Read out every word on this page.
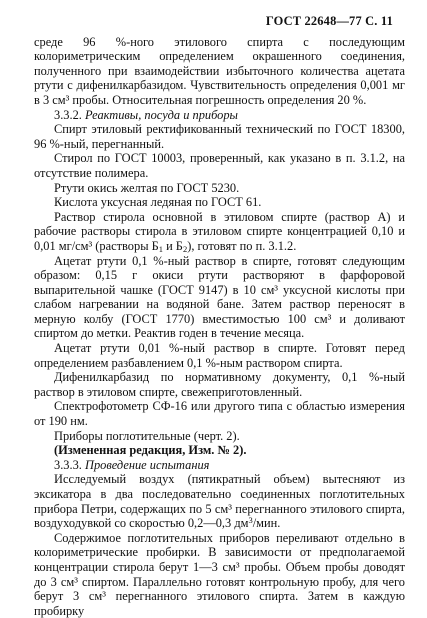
ГОСТ 22648—77 С. 11

среде 96 %-ного этилового спирта с последующим колориметрическим определением окрашенного соединения, полученного при взаимодействии избыточного количества ацетата ртути с дифенилкарбазидом. Чувствительность определения 0,001 мг в 3 см³ пробы. Относительная погрешность определения 20 %.

3.3.2. Реактивы, посуда и приборы

Спирт этиловый ректификованный технический по ГОСТ 18300, 96 %-ный, перегнанный.

Стирол по ГОСТ 10003, проверенный, как указано в п. 3.1.2, на отсутствие полимера.

Ртути окись желтая по ГОСТ 5230.

Кислота уксусная ледяная по ГОСТ 61.

Раствор стирола основной в этиловом спирте (раствор А) и рабочие растворы стирола в этиловом спирте концентрацией 0,10 и 0,01 мг/см³ (растворы $Б_1$ и $Б_2$), готовят по п. 3.1.2.

Ацетат ртути 0,1 %-ный раствор в спирте, готовят следующим образом: 0,15 г окиси ртути растворяют в фарфоровой выпарительной чашке (ГОСТ 9147) в 10 см³ уксусной кислоты при слабом нагревании на водяной бане. Затем раствор переносят в мерную колбу (ГОСТ 1770) вместимостью 100 см³ и доливают спиртом до метки. Реактив годен в течение месяца.

Ацетат ртути 0,01 %-ный раствор в спирте. Готовят перед определением разбавлением 0,1 %-ным раствором спирта.

Дифенилкарбазид по нормативному документу, 0,1 %-ный раствор в этиловом спирте, свежеприготовленный.

Спектрофотометр СФ-16 или другого типа с областью измерения от 190 нм.

Приборы поглотительные (черт. 2).

(Измененная редакция, Изм. № 2).

3.3.3. Проведение испытания

Исследуемый воздух (пятикратный объем) вытесняют из эксикатора в два последовательно соединенных поглотительных прибора Петри, содержащих по 5 см³ перегнанного этилового спирта, воздуходувкой со скоростью 0,2—0,3 $дм^3$/мин.

Содержимое поглотительных приборов переливают отдельно в колориметрические пробирки. В зависимости от предполагаемой концентрации стирола берут 1—3 см³ пробы. Объем пробы доводят до 3 см³ спиртом. Параллельно готовят контрольную пробу, для чего берут 3 см³ перегнанного этилового спирта. Затем в каждую пробирку
